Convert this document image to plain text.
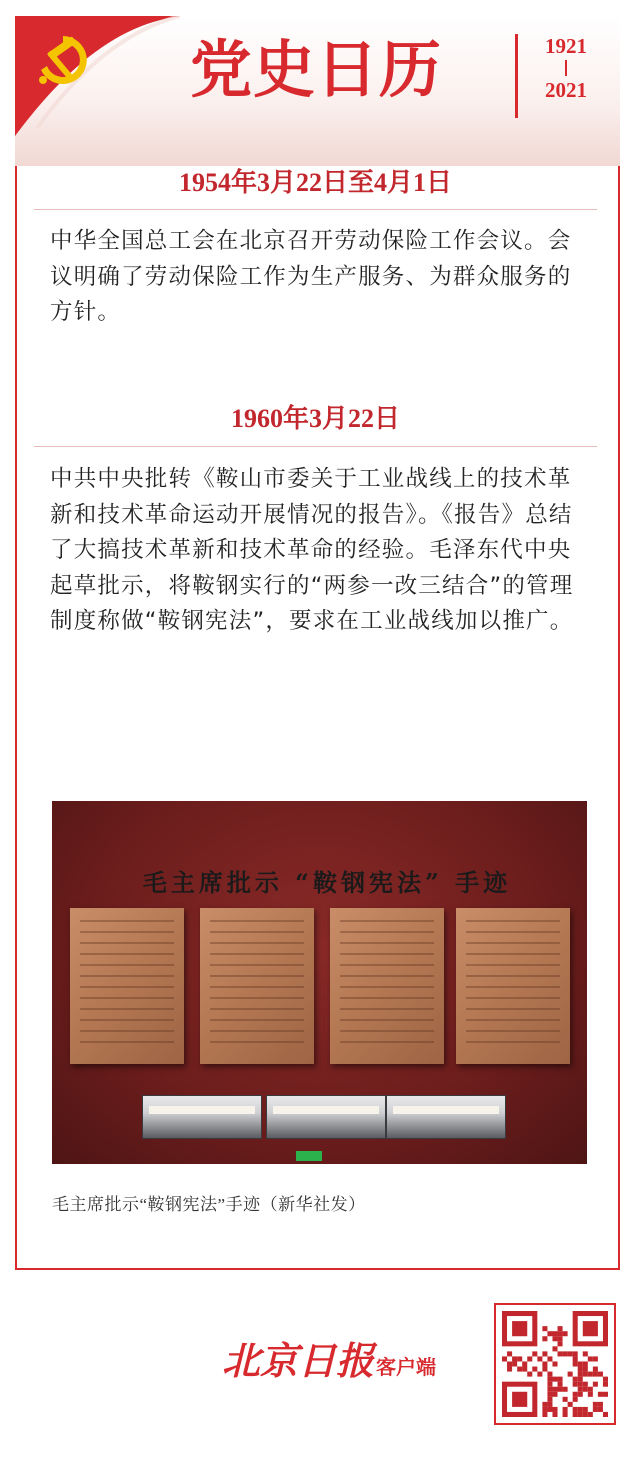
党史日历	1921
2021
1954年3月22日至4月1日
中华全国总工会在北京召开劳动保险工作会议。会议明确了劳动保险工作为生产服务、为群众服务的方针。
1960年3月22日
中共中央批转《鞍山市委关于工业战线上的技术革新和技术革命运动开展情况的报告》。《报告》总结了大搞技术革新和技术革命的经验。毛泽东代中央起草批示，将鞍钢实行的“两参一改三结合”的管理制度称做“鞍钢宪法”，要求在工业战线加以推广。
毛主席批示 “鞍钢宪法” 手迹
毛主席批示“鞍钢宪法”手迹（新华社发）
北京日报 客户端
